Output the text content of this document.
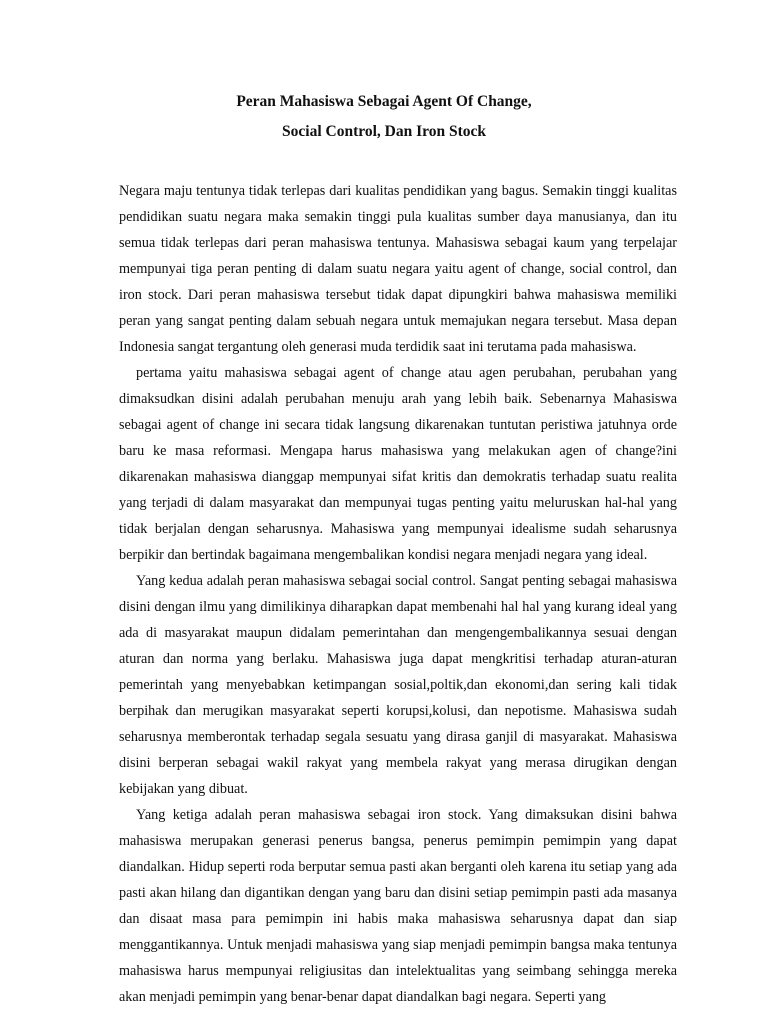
Peran Mahasiswa Sebagai Agent Of Change,
Social Control, Dan Iron Stock

Negara maju tentunya tidak terlepas dari kualitas pendidikan yang bagus. Semakin tinggi kualitas pendidikan suatu negara maka semakin tinggi pula kualitas sumber daya manusianya, dan itu semua tidak terlepas dari peran mahasiswa tentunya. Mahasiswa sebagai kaum yang terpelajar mempunyai tiga peran penting di dalam suatu negara yaitu agent of change, social control, dan iron stock. Dari peran mahasiswa tersebut tidak dapat dipungkiri bahwa mahasiswa memiliki peran yang sangat penting dalam sebuah negara untuk memajukan negara tersebut. Masa depan Indonesia sangat tergantung oleh generasi muda terdidik saat ini terutama pada mahasiswa.

pertama yaitu mahasiswa sebagai agent of change atau agen perubahan, perubahan yang dimaksudkan disini adalah perubahan menuju arah yang lebih baik. Sebenarnya Mahasiswa sebagai agent of change ini secara tidak langsung dikarenakan tuntutan peristiwa jatuhnya orde baru ke masa reformasi. Mengapa harus mahasiswa yang melakukan agen of change?ini dikarenakan mahasiswa dianggap mempunyai sifat kritis dan demokratis terhadap suatu realita yang terjadi di dalam masyarakat dan mempunyai tugas penting yaitu meluruskan hal-hal yang tidak berjalan dengan seharusnya. Mahasiswa yang mempunyai idealisme sudah seharusnya berpikir dan bertindak bagaimana mengembalikan kondisi negara menjadi negara yang ideal.

Yang kedua adalah peran mahasiswa sebagai social control. Sangat penting sebagai mahasiswa disini dengan ilmu yang dimilikinya diharapkan dapat membenahi hal hal yang kurang ideal yang ada di masyarakat maupun didalam pemerintahan dan mengengembalikannya sesuai dengan aturan dan norma yang berlaku. Mahasiswa juga dapat mengkritisi terhadap aturan-aturan pemerintah yang menyebabkan ketimpangan sosial,poltik,dan ekonomi,dan sering kali tidak berpihak dan merugikan masyarakat seperti korupsi,kolusi, dan nepotisme. Mahasiswa sudah seharusnya memberontak terhadap segala sesuatu yang dirasa ganjil di masyarakat. Mahasiswa disini berperan sebagai wakil rakyat yang membela rakyat yang merasa dirugikan dengan kebijakan yang dibuat.

Yang ketiga adalah peran mahasiswa sebagai iron stock. Yang dimaksukan disini bahwa mahasiswa merupakan generasi penerus bangsa, penerus pemimpin pemimpin yang dapat diandalkan. Hidup seperti roda berputar semua pasti akan berganti oleh karena itu setiap yang ada pasti akan hilang dan digantikan dengan yang baru dan disini setiap pemimpin pasti ada masanya dan disaat masa para pemimpin ini habis maka mahasiswa seharusnya dapat dan siap menggantikannya. Untuk menjadi mahasiswa yang siap menjadi pemimpin bangsa maka tentunya mahasiswa harus mempunyai religiusitas dan intelektualitas yang seimbang sehingga mereka akan menjadi pemimpin yang benar-benar dapat diandalkan bagi negara. Seperti yang
